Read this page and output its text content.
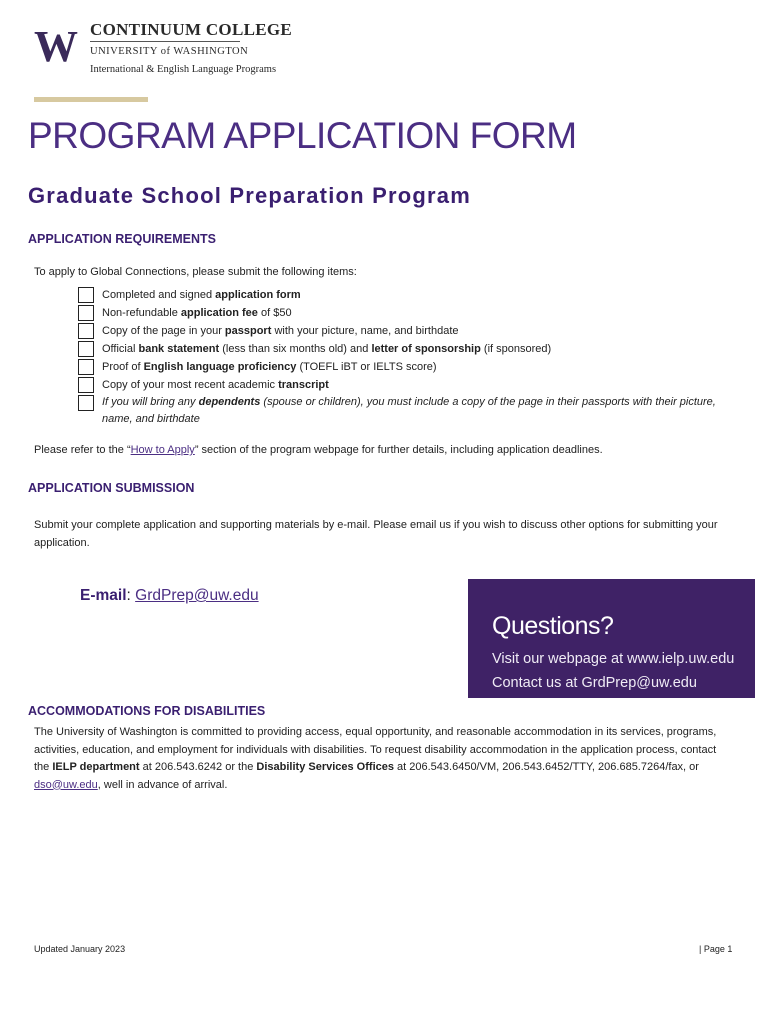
W CONTINUUM COLLEGE
UNIVERSITY of WASHINGTON
International & English Language Programs
PROGRAM APPLICATION FORM
Graduate School Preparation Program
APPLICATION REQUIREMENTS
To apply to Global Connections, please submit the following items:
Completed and signed application form
Non-refundable application fee of $50
Copy of the page in your passport with your picture, name, and birthdate
Official bank statement (less than six months old) and letter of sponsorship (if sponsored)
Proof of English language proficiency (TOEFL iBT or IELTS score)
Copy of your most recent academic transcript
If you will bring any dependents (spouse or children), you must include a copy of the page in their passports with their picture, name, and birthdate
Please refer to the “How to Apply” section of the program webpage for further details, including application deadlines.
APPLICATION SUBMISSION
Submit your complete application and supporting materials by e-mail. Please email us if you wish to discuss other options for submitting your application.
E-mail: GrdPrep@uw.edu
Questions?
Visit our webpage at www.ielp.uw.edu
Contact us at GrdPrep@uw.edu
ACCOMMODATIONS FOR DISABILITIES
The University of Washington is committed to providing access, equal opportunity, and reasonable accommodation in its services, programs, activities, education, and employment for individuals with disabilities. To request disability accommodation in the application process, contact the IELP department at 206.543.6242 or the Disability Services Offices at 206.543.6450/VM, 206.543.6452/TTY, 206.685.7264/fax, or dso@uw.edu, well in advance of arrival.
Updated January 2023	| Page 1
